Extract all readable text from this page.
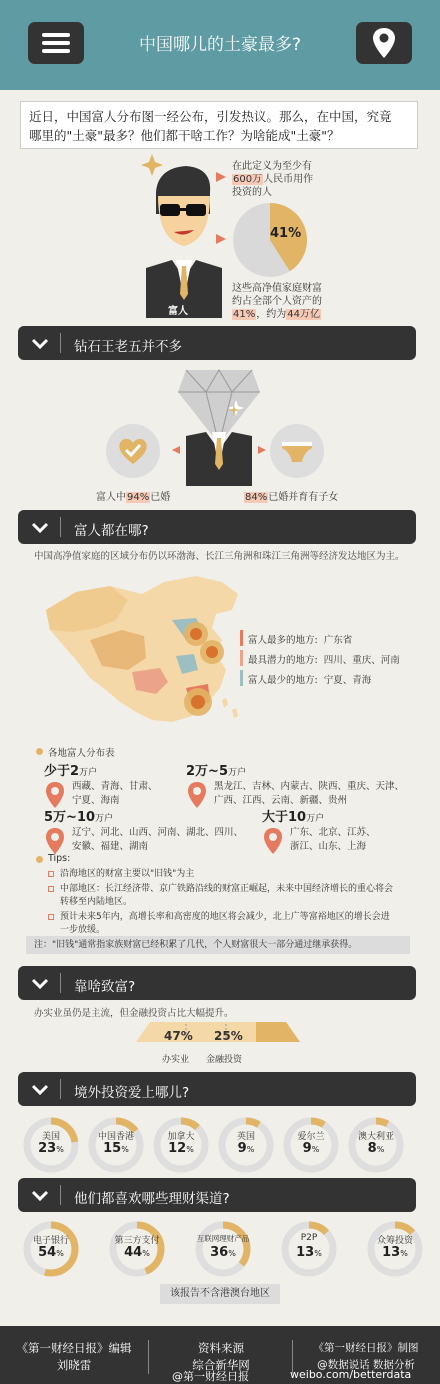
中国哪儿的土豪最多?
近日，中国富人分布图一经公布，引发热议。那么，在中国，究竟
哪里的"土豪"最多？他们都干啥工作？为啥能成"土豪"？
富人
在此定义为至少有
600万人民币用作
投资的人
41%
这些高净值家庭财富
约占全部个人资产的
41%，约为44万亿
钻石王老五并不多
富人中94%已婚	84%已婚并育有子女
富人都在哪?
中国高净值家庭的区域分布仍以环渤海、长江三角洲和珠江三角洲等经济发达地区为主。
富人最多的地方: 广东省
最具潜力的地方: 四川、重庆、河南
富人最少的地方: 宁夏、青海
各地富人分布表
少于2万户
西藏、青海、甘肃、
宁夏、海南
2万~5万户
黑龙江、吉林、内蒙古、陕西、重庆、天津、
广西、江西、云南、新疆、贵州
5万~10万户
辽宁、河北、山西、河南、湖北、四川、
安徽、福建、湖南
大于10万户
广东、北京、江苏、
浙江、山东、上海
Tips:
沿海地区的财富主要以"旧钱"为主
中部地区：长江经济带、京广铁路沿线的财富正崛起，未来中国经济增长的重心将会
转移至内陆地区。
预计未来5年内，高增长率和高密度的地区将会减少，北上广等富裕地区的增长会进
一步放缓。
注："旧钱"通常指家族财富已经积累了几代，个人财富很大一部分通过继承获得。
靠啥致富?
办实业虽仍是主流，但金融投资占比大幅提升。
47% 25%
办实业 金融投资
境外投资爱上哪儿?
美国
23%
中国香港
15%
加拿大
12%
英国
9%
爱尔兰
9%
澳大利亚
8%
他们都喜欢哪些理财渠道?
电子银行
54%
第三方支付
44%
互联网理财产品
36%
P2P
13%
众筹投资
13%
该报告不含港澳台地区
《第一财经日报》编辑
刘晓雷
资料来源
综合新华网
《第一财经日报》制图
@数据说话 数据分析
@第一财经日报	weibo.com/betterdata
